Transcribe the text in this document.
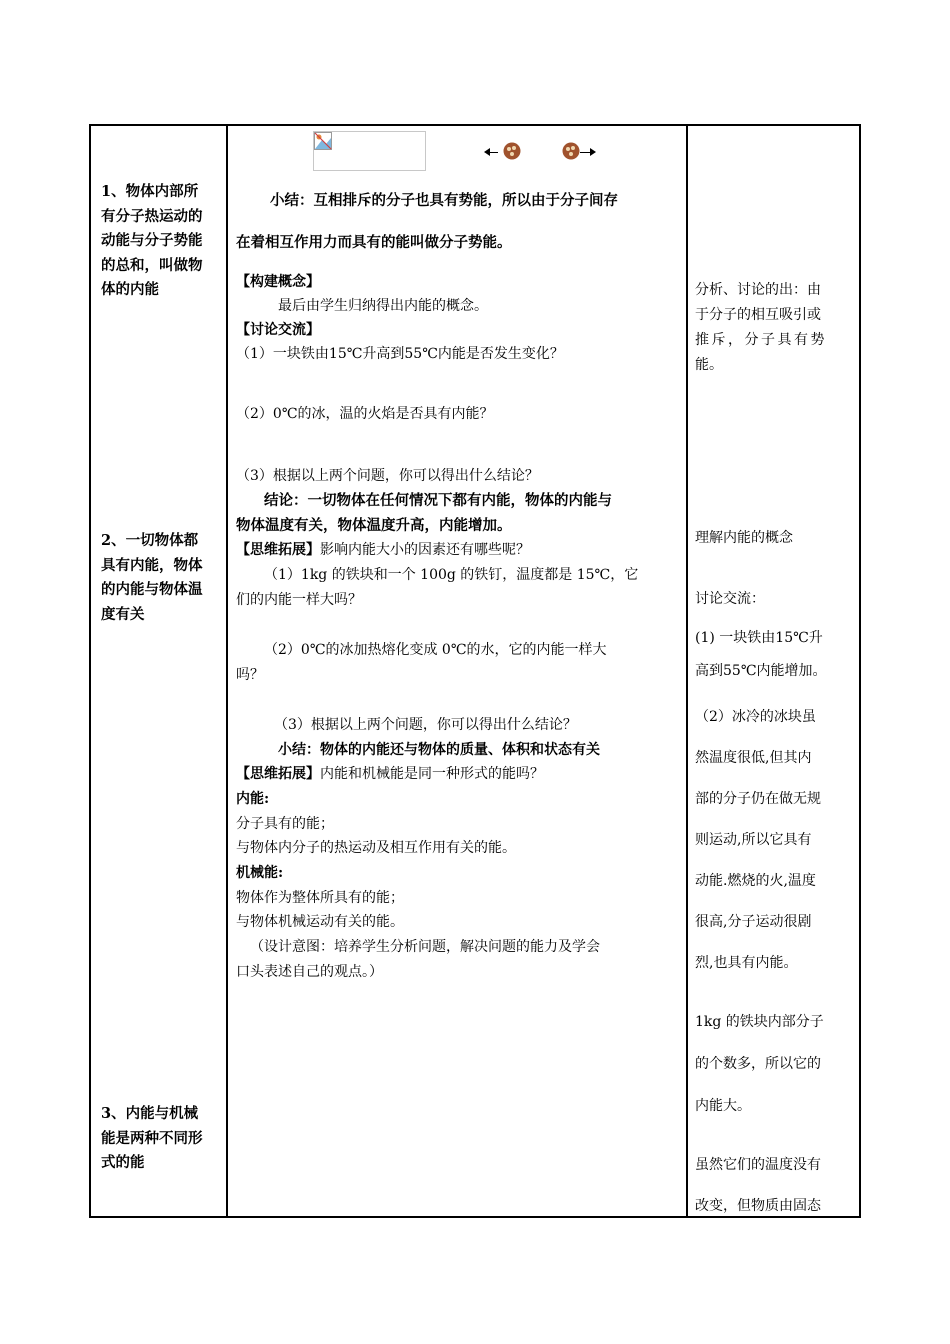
1、物体内部所
有分子热运动的
动能与分子势能
的总和，叫做物
体的内能
2、一切物体都
具有内能，物体
的内能与物体温
度有关
3、内能与机械
能是两种不同形
式的能
小结：互相排斥的分子也具有势能，所以由于分子间存
在着相互作用力而具有的能叫做分子势能。
【构建概念】
最后由学生归纳得出内能的概念。
【讨论交流】
（1）一块铁由15℃升高到55℃内能是否发生变化？
（2）0℃的冰，温的火焰是否具有内能？
（3）根据以上两个问题，你可以得出什么结论？
结论：一切物体在任何情况下都有内能，物体的内能与
物体温度有关，物体温度升高，内能增加。
【思维拓展】影响内能大小的因素还有哪些呢？
（1）1kg 的铁块和一个 100g 的铁钉，温度都是 15℃，它
们的内能一样大吗？
（2）0℃的冰加热熔化变成 0℃的水，它的内能一样大
吗？
（3）根据以上两个问题，你可以得出什么结论？
小结：物体的内能还与物体的质量、体积和状态有关
【思维拓展】内能和机械能是同一种形式的能吗？
内能:
分子具有的能；
与物体内分子的热运动及相互作用有关的能。
机械能:
物体作为整体所具有的能；
与物体机械运动有关的能。
（设计意图：培养学生分析问题，解决问题的能力及学会
口头表述自己的观点。）
分析、讨论的出：由
于分子的相互吸引或
推斥，分子具有势
能。
理解内能的概念
讨论交流：
(1) 一块铁由15℃升
高到55℃内能增加。
（2）冰冷的冰块虽
然温度很低,但其内
部的分子仍在做无规
则运动,所以它具有
动能.燃烧的火,温度
很高,分子运动很剧
烈,也具有内能。
1kg 的铁块内部分子
的个数多，所以它的
内能大。
虽然它们的温度没有
改变，但物质由固态
